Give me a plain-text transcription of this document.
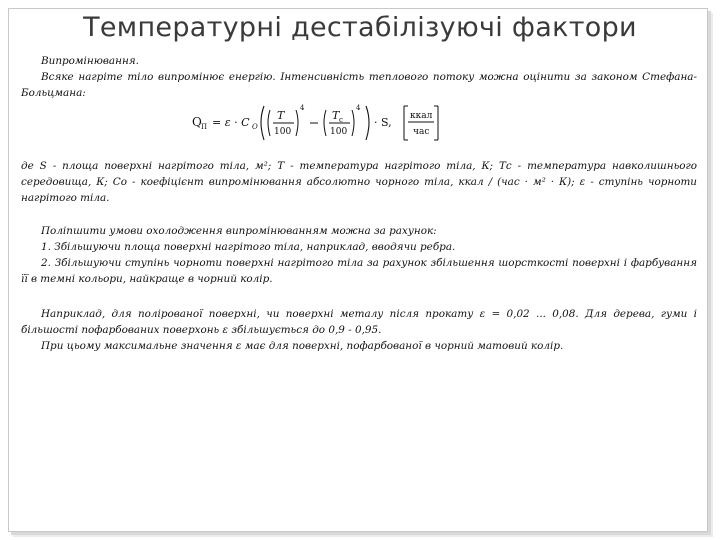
Температурні дестабілізуючі фактори
Випромінювання.
Всяке нагріте тіло випромінює енергію. Інтенсивність теплового потоку можна оцінити за законом Стефана-Больцмана:
Q П = ε · C O
T
100
4
T c
100
4
· S, ккал
час
де S - площа поверхні нагрітого тіла, м²; Т - температура нагрітого тіла, К; Тс - температура навколишнього середовища, К; Со - коефіцієнт випромінювання абсолютно чорного тіла, ккал / (час · м² · К); ε - ступінь чорноти нагрітого тіла.
Поліпшити умови охолодження випромінюванням можна за рахунок:
1. Збільшуючи площа поверхні нагрітого тіла, наприклад, вводячи ребра.
2. Збільшуючи ступінь чорноти поверхні нагрітого тіла за рахунок збільшення шорсткості поверхні і фарбування її в темні кольори, найкраще в чорний колір.
Наприклад, для полірованої поверхні, чи поверхні металу після прокату ε = 0,02 ... 0,08. Для дерева, гуми і більшості пофарбованих поверхонь ε збільшується до 0,9 - 0,95.
При цьому максимальне значення ε має для поверхні, пофарбованої в чорний матовий колір.
